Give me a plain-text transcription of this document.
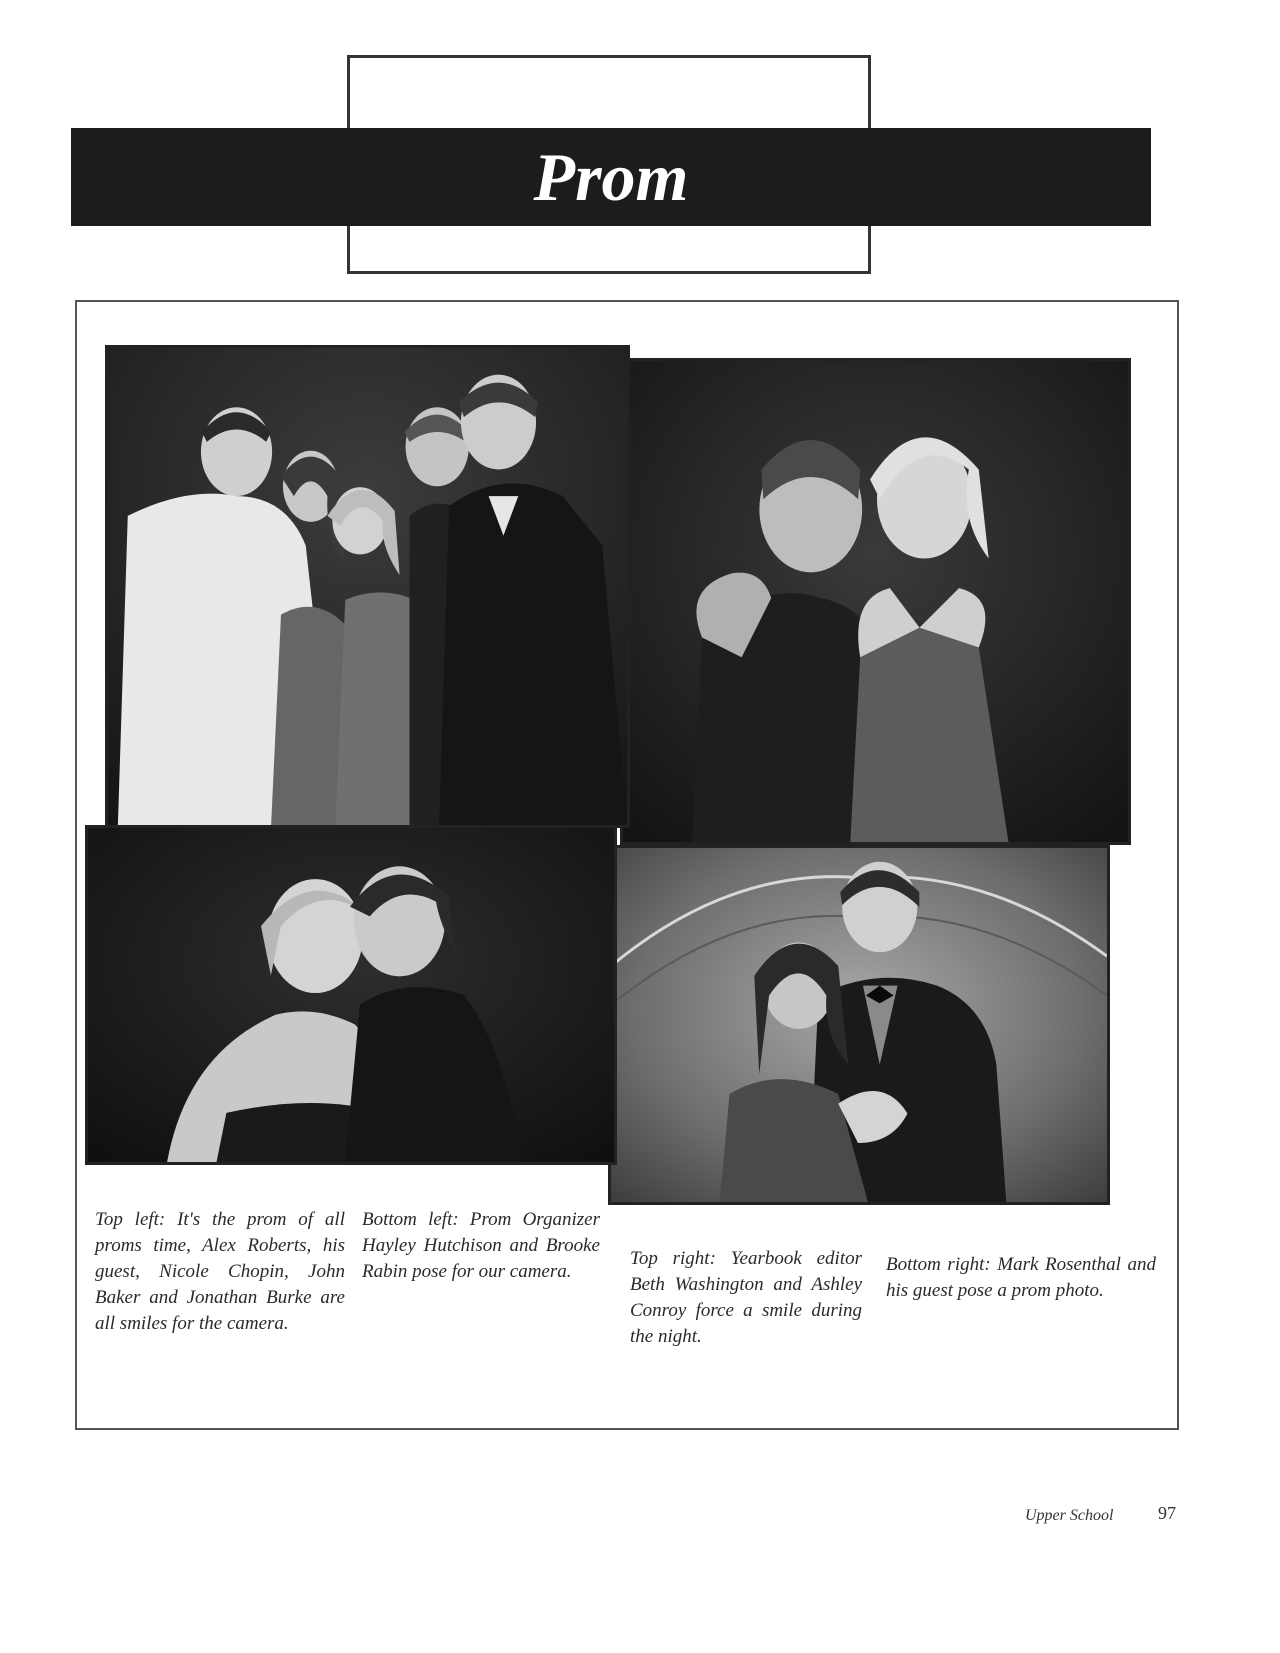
Prom
Top left: It's the prom of all proms time, Alex Roberts, his guest, Nicole Chopin, John Baker and Jonathan Burke are all smiles for the camera.
Bottom left: Prom Organizer Hayley Hutchison and Brooke Rabin pose for our camera.
Top right: Yearbook editor Beth Washington and Ashley Conroy force a smile during the night.
Bottom right: Mark Rosenthal and his guest pose a prom photo.
Upper School 97
